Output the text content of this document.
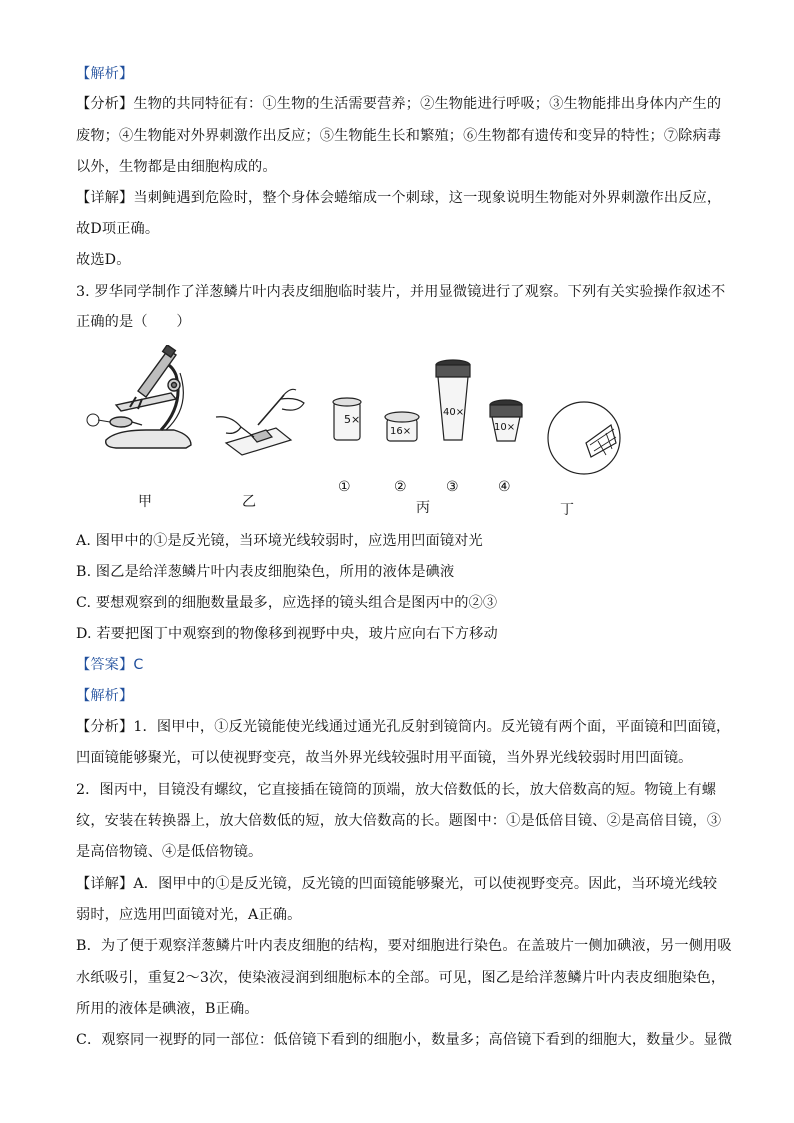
【解析】
【分析】生物的共同特征有：①生物的生活需要营养；②生物能进行呼吸；③生物能排出身体内产生的
废物；④生物能对外界刺激作出反应；⑤生物能生长和繁殖；⑥生物都有遗传和变异的特性；⑦除病毒
以外，生物都是由细胞构成的。
【详解】当刺鲀遇到危险时，整个身体会蜷缩成一个刺球，这一现象说明生物能对外界刺激作出反应，
故D项正确。
故选D。
3. 罗华同学制作了洋葱鳞片叶内表皮细胞临时装片，并用显微镜进行了观察。下列有关实验操作叙述不
正确的是（　　）
5×
16×
40×
10×
甲	乙
①	②	③	④
丙	丁
A. 图甲中的①是反光镜，当环境光线较弱时，应选用凹面镜对光
B. 图乙是给洋葱鳞片叶内表皮细胞染色，所用的液体是碘液
C. 要想观察到的细胞数量最多，应选择的镜头组合是图丙中的②③
D. 若要把图丁中观察到的物像移到视野中央，玻片应向右下方移动
【答案】C
【解析】
【分析】1．图甲中，①反光镜能使光线通过通光孔反射到镜筒内。反光镜有两个面，平面镜和凹面镜，
凹面镜能够聚光，可以使视野变亮，故当外界光线较强时用平面镜，当外界光线较弱时用凹面镜。
2．图丙中，目镜没有螺纹，它直接插在镜筒的顶端，放大倍数低的长，放大倍数高的短。物镜上有螺
纹，安装在转换器上，放大倍数低的短，放大倍数高的长。题图中：①是低倍目镜、②是高倍目镜，③
是高倍物镜、④是低倍物镜。
【详解】A．图甲中的①是反光镜，反光镜的凹面镜能够聚光，可以使视野变亮。因此，当环境光线较
弱时，应选用凹面镜对光，A正确。
B．为了便于观察洋葱鳞片叶内表皮细胞的结构，要对细胞进行染色。在盖玻片一侧加碘液，另一侧用吸
水纸吸引，重复2～3次，使染液浸润到细胞标本的全部。可见，图乙是给洋葱鳞片叶内表皮细胞染色，
所用的液体是碘液，B正确。
C．观察同一视野的同一部位：低倍镜下看到的细胞小，数量多；高倍镜下看到的细胞大，数量少。显微
